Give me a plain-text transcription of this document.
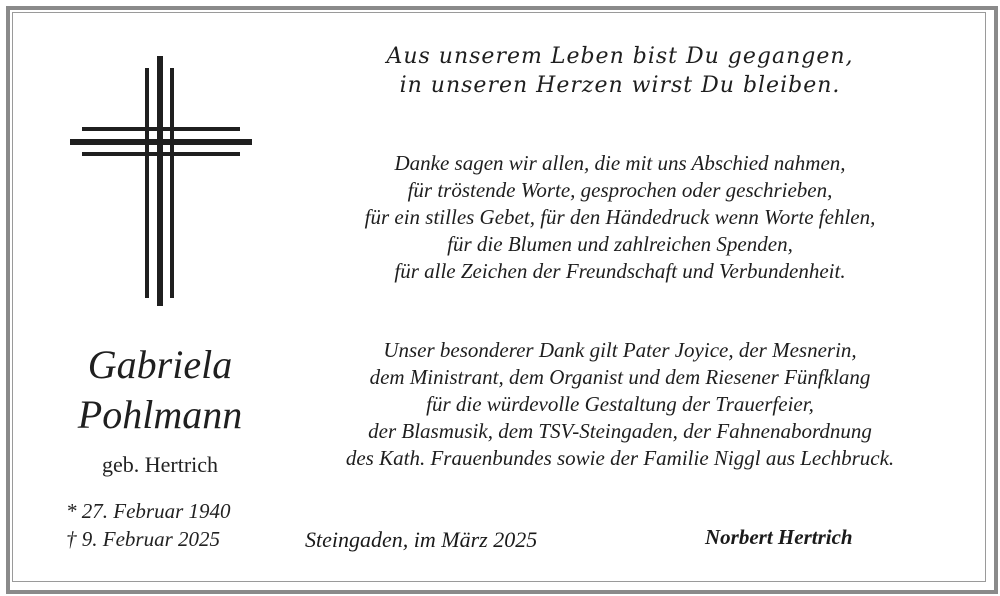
Gabriela
Pohlmann
geb. Hertrich
* 27. Februar 1940
† 9. Februar 2025
Aus unserem Leben bist Du gegangen,
in unseren Herzen wirst Du bleiben.
Danke sagen wir allen, die mit uns Abschied nahmen,
für tröstende Worte, gesprochen oder geschrieben,
für ein stilles Gebet, für den Händedruck wenn Worte fehlen,
für die Blumen und zahlreichen Spenden,
für alle Zeichen der Freundschaft und Verbundenheit.
Unser besonderer Dank gilt Pater Joyice, der Mesnerin,
dem Ministrant, dem Organist und dem Riesener Fünfklang
für die würdevolle Gestaltung der Trauerfeier,
der Blasmusik, dem TSV-Steingaden, der Fahnenabordnung
des Kath. Frauenbundes sowie der Familie Niggl aus Lechbruck.
Steingaden, im März 2025	Norbert Hertrich
